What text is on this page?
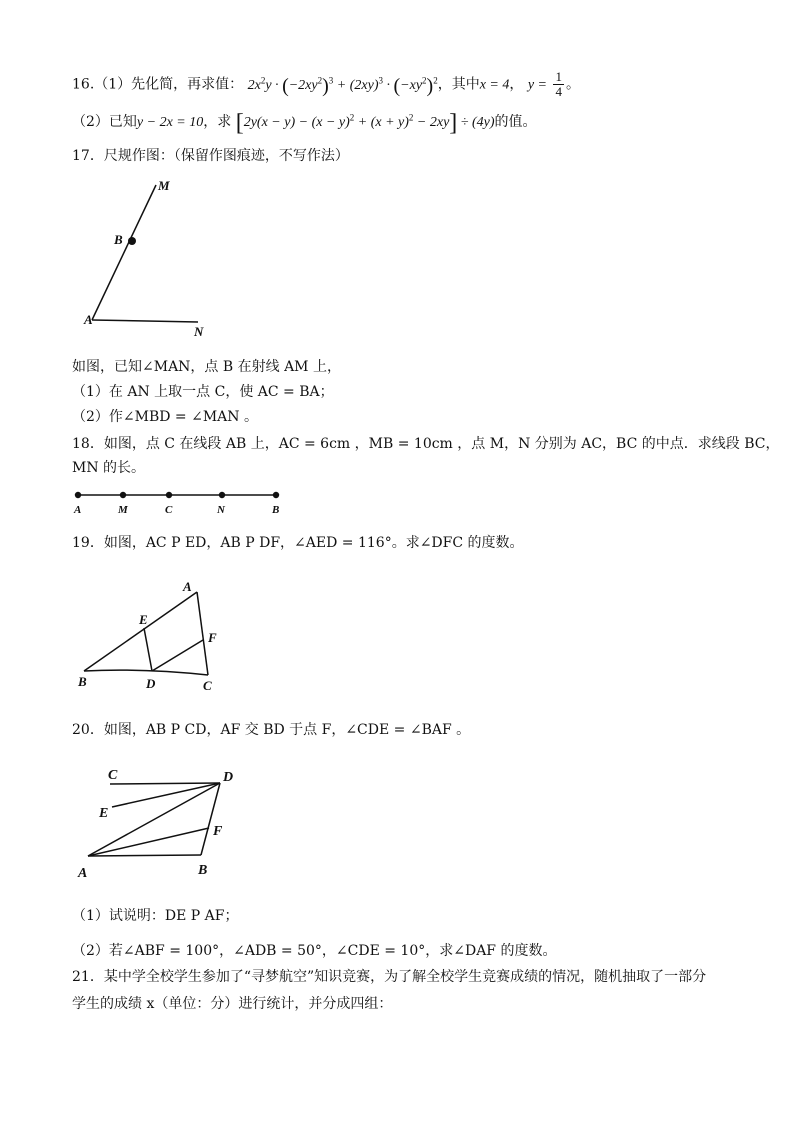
16.（1）先化简，再求值： $2x^2y \cdot (-2xy^2)^3 + (2xy)^3 \cdot (-xy^2)^2$，其中x = 4， $y = \frac{1}{4}$ 。
（2）已知y − 2x = 10，求 $[2y(x - y) - (x - y)^2 + (x + y)^2 - 2xy] \div (4y)$的值。
17．尺规作图：（保留作图痕迹，不写作法）
M
B
A
N
如图，已知∠MAN，点 B 在射线 AM 上，
（1）在 AN 上取一点 C，使 AC = BA；
（2）作∠MBD = ∠MAN 。
18．如图，点 C 在线段 AB 上，AC = 6cm ，MB = 10cm ，点 M，N 分别为 AC，BC 的中点．求线段 BC，
MN 的长。
A	M	C	N	B
19．如图，AC P ED，AB P DF，∠AED = 116°。求∠DFC 的度数。
A
E
F
B	D	C
20．如图，AB P CD，AF 交 BD 于点 F，∠CDE = ∠BAF 。
C	D
E
F
A	B
（1）试说明：DE P AF；
（2）若∠ABF = 100°，∠ADB = 50°，∠CDE = 10°，求∠DAF 的度数。
21．某中学全校学生参加了“寻梦航空”知识竞赛，为了解全校学生竞赛成绩的情况，随机抽取了一部分
学生的成绩 x（单位：分）进行统计，并分成四组：
